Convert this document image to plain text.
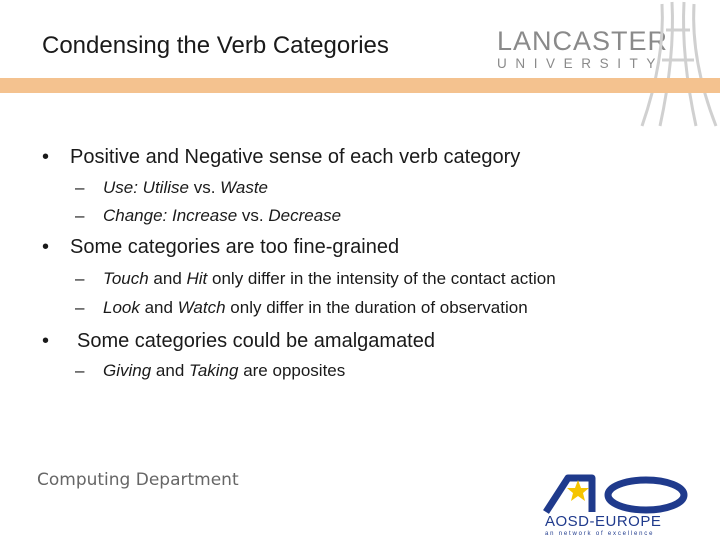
Condensing the Verb Categories	LANCASTER
UNIVERSITY
• Positive and Negative sense of each verb category
– Use: Utilise vs. Waste
– Change: Increase vs. Decrease
• Some categories are too fine-grained
– Touch and Hit only differ in the intensity of the contact action
– Look and Watch only differ in the duration of observation
• Some categories could be amalgamated
– Giving and Taking are opposites
Computing Department
AOSD-EUROPE
an network of excellence
